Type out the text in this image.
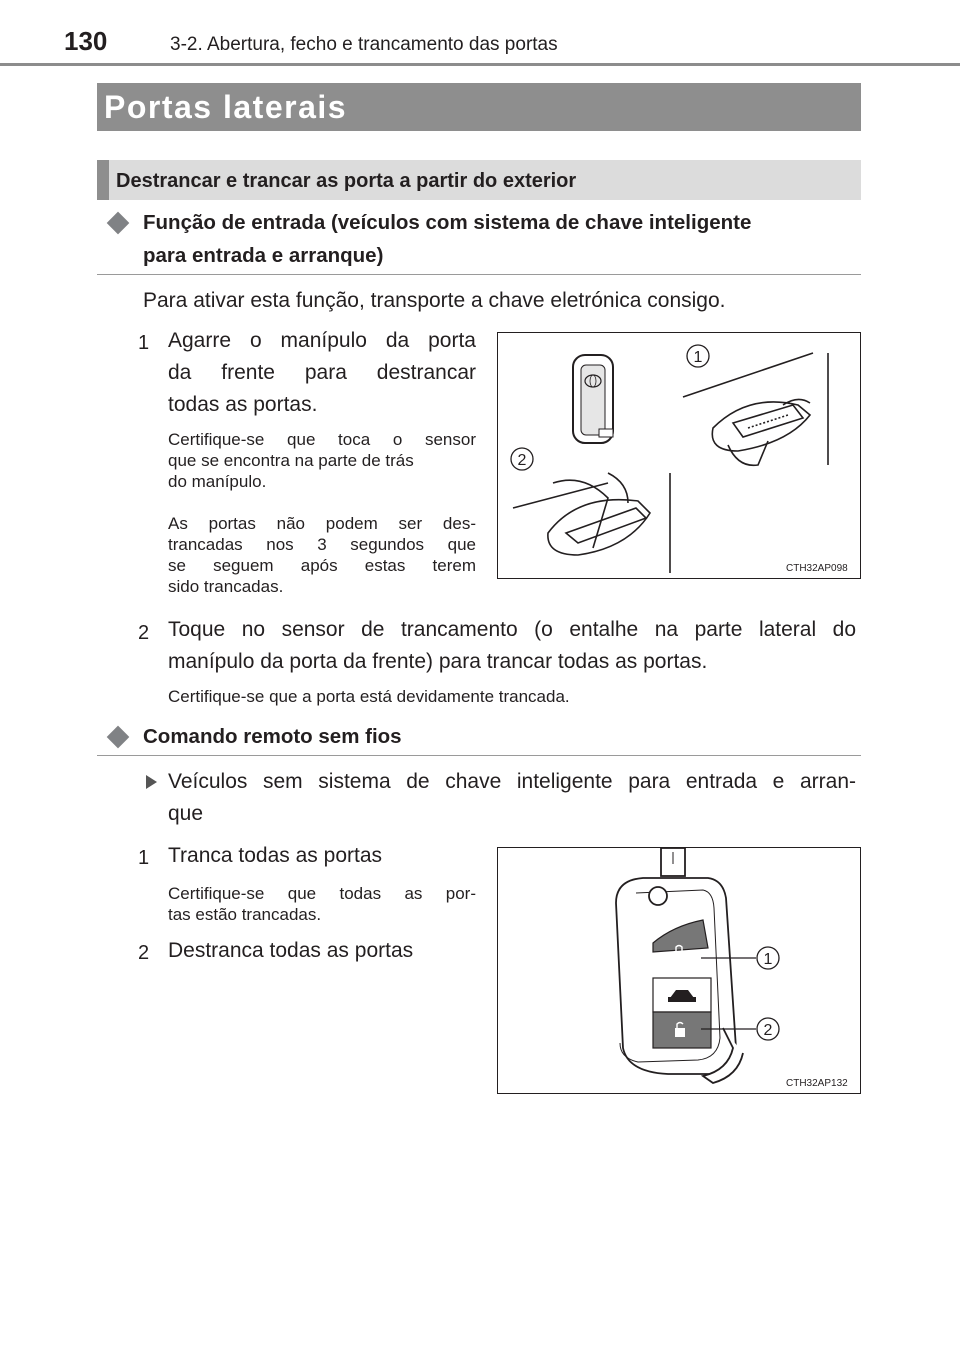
130	3-2. Abertura, fecho e trancamento das portas
Portas laterais
Destrancar e trancar as porta a partir do exterior
Função de entrada (veículos com sistema de chave inteligente
para entrada e arranque)
Para ativar esta função, transporte a chave eletrónica consigo.
1 Agarre o manípulo da porta
da frente para destrancar
todas as portas.
Certifique-se que toca o sensor
que se encontra na parte de trás
do manípulo.
As portas não podem ser des-
trancadas nos 3 segundos que
se seguem após estas terem
sido trancadas.
1
2
CTH32AP098
2 Toque no sensor de trancamento (o entalhe na parte lateral do
manípulo da porta da frente) para trancar todas as portas.
Certifique-se que a porta está devidamente trancada.
Comando remoto sem fios
Veículos sem sistema de chave inteligente para entrada e arran-
que
1 Tranca todas as portas
Certifique-se que todas as por-
tas estão trancadas.
2 Destranca todas as portas	1
2
CTH32AP132
